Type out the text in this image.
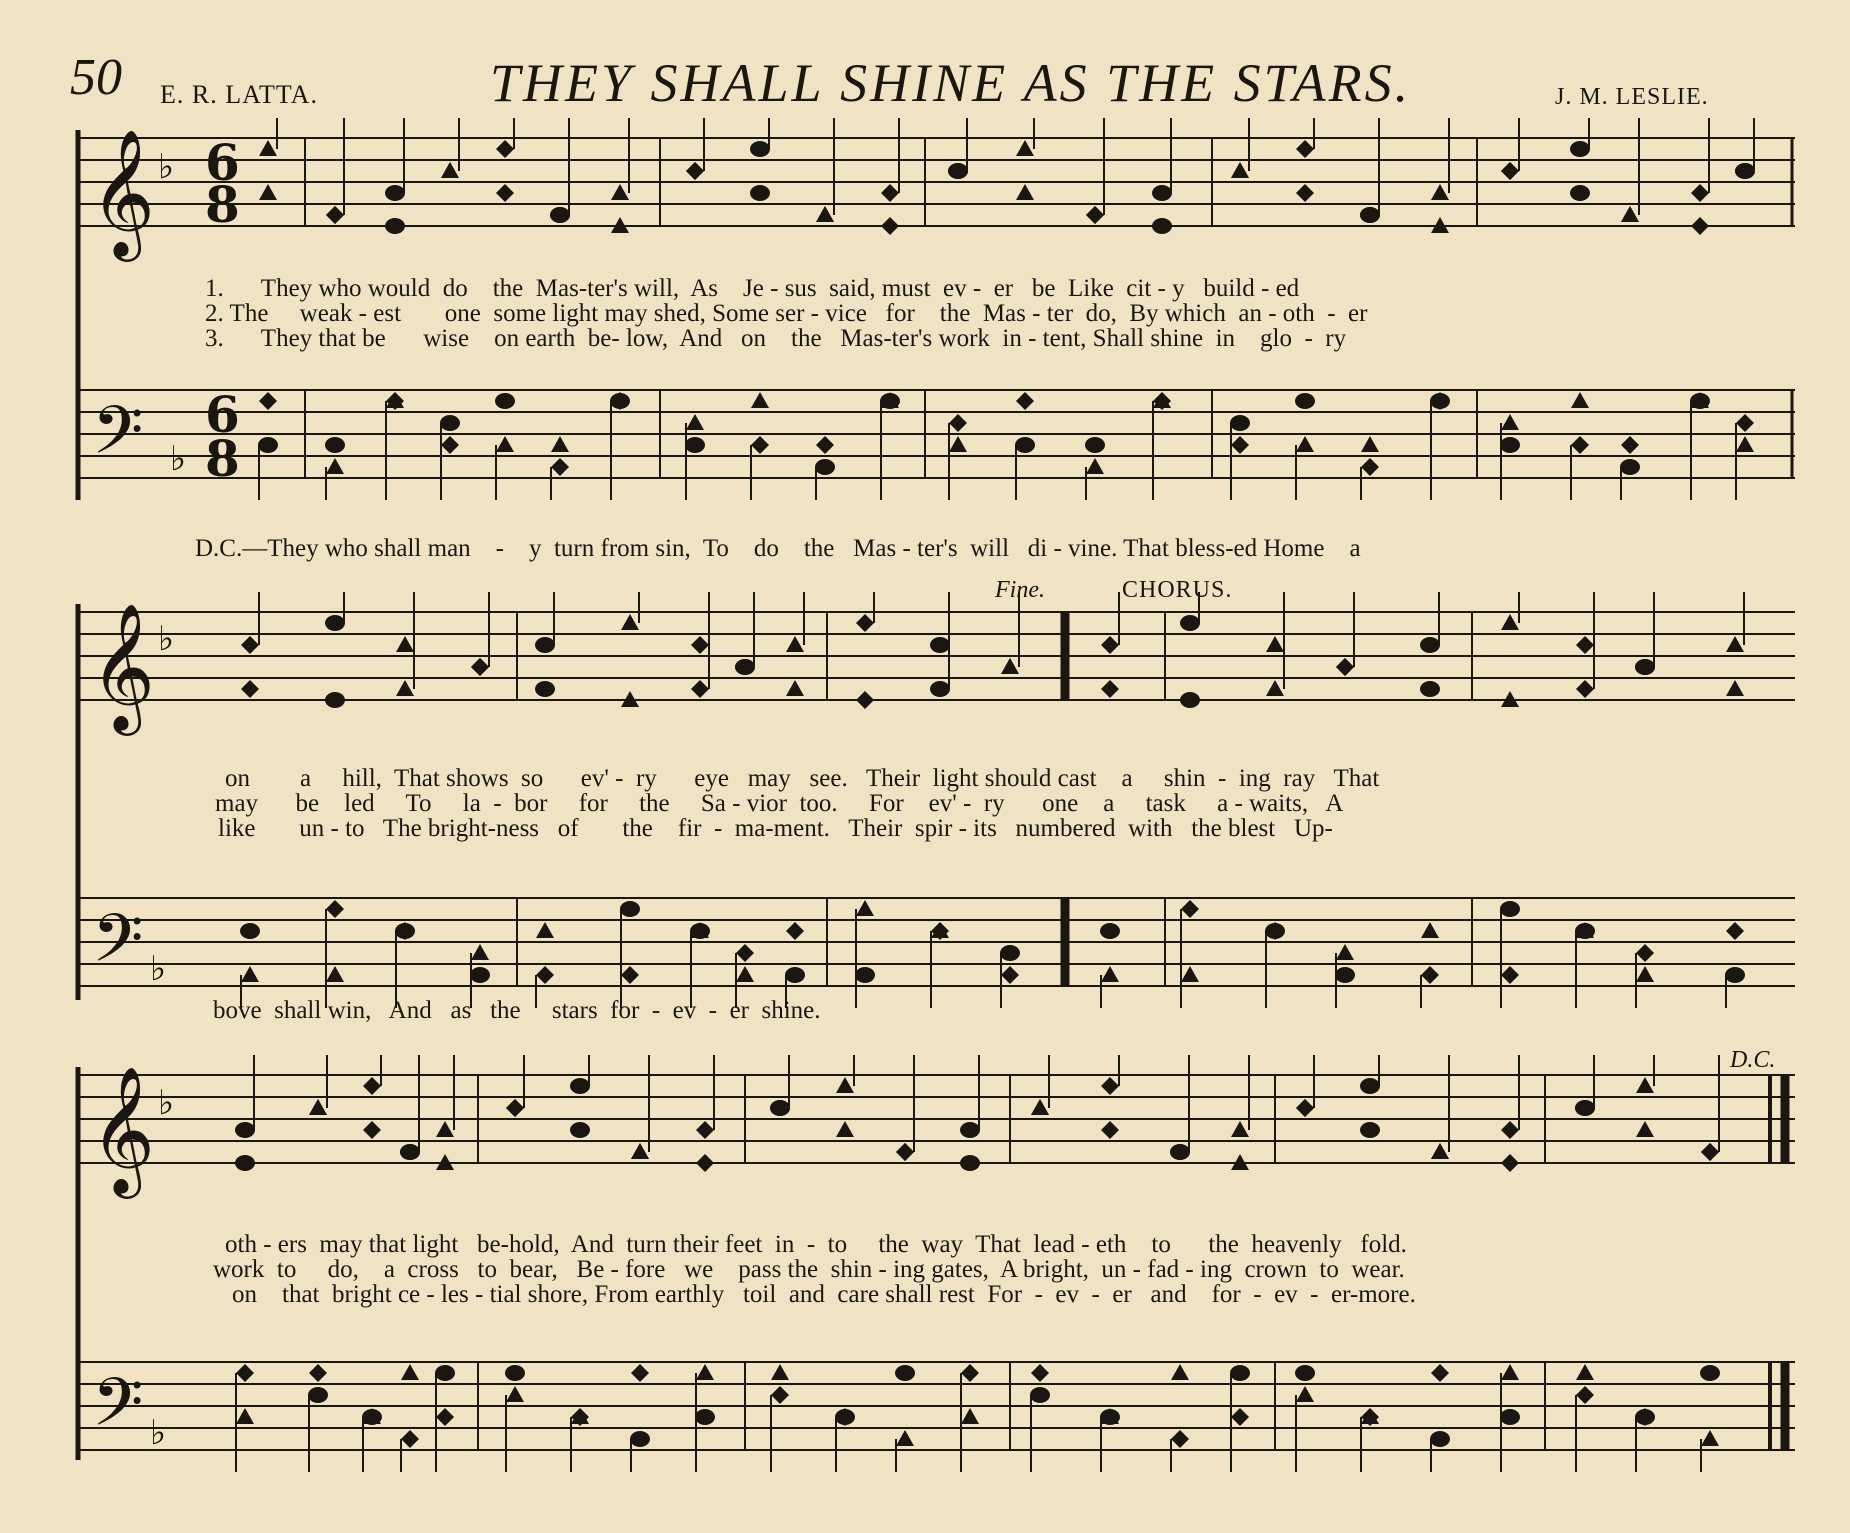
50 E. R. LATTA.	THEY SHALL SHINE AS THE STARS.	J. M. LESLIE.
𝄞
𝄢
♭
♭
6
8
6
8
𝄞
𝄢
♭
♭
𝄞
𝄢
♭
♭
1.      They who would  do    the  Mas-ter's will,  As    Je - sus  said, must  ev -  er   be  Like  cit - y   build - ed
2. The     weak - est       one  some light may shed, Some ser - vice   for    the  Mas - ter  do,  By which  an - oth  -  er
3.      They that be      wise    on earth  be- low,  And   on    the   Mas-ter's work  in - tent, Shall shine  in    glo  -  ry
D.C.—They who shall man    -    y  turn from sin,  To    do    the   Mas - ter's  will   di - vine. That bless-ed Home    a
Fine.	CHORUS.
on        a     hill,  That shows  so      ev' -  ry      eye   may   see.   Their  light should cast    a     shin  -  ing  ray   That
may      be    led     To     la  -  bor     for     the     Sa - vior  too.     For    ev' -  ry      one    a     task     a - waits,   A
like       un - to   The bright-ness   of       the    fir  -  ma-ment.   Their  spir - its   numbered  with   the blest   Up-
bove  shall win,   And   as   the     stars  for  -  ev  -  er  shine.
D.C.
oth - ers  may that light   be-hold,  And  turn their feet  in  -  to     the  way  That  lead - eth    to      the  heavenly   fold.
work  to     do,    a  cross   to  bear,   Be - fore   we    pass the  shin - ing gates,  A bright,  un - fad - ing  crown  to  wear.
on    that  bright ce - les - tial shore, From earthly   toil  and  care shall rest  For  -  ev  -  er   and    for  -  ev  -  er-more.
